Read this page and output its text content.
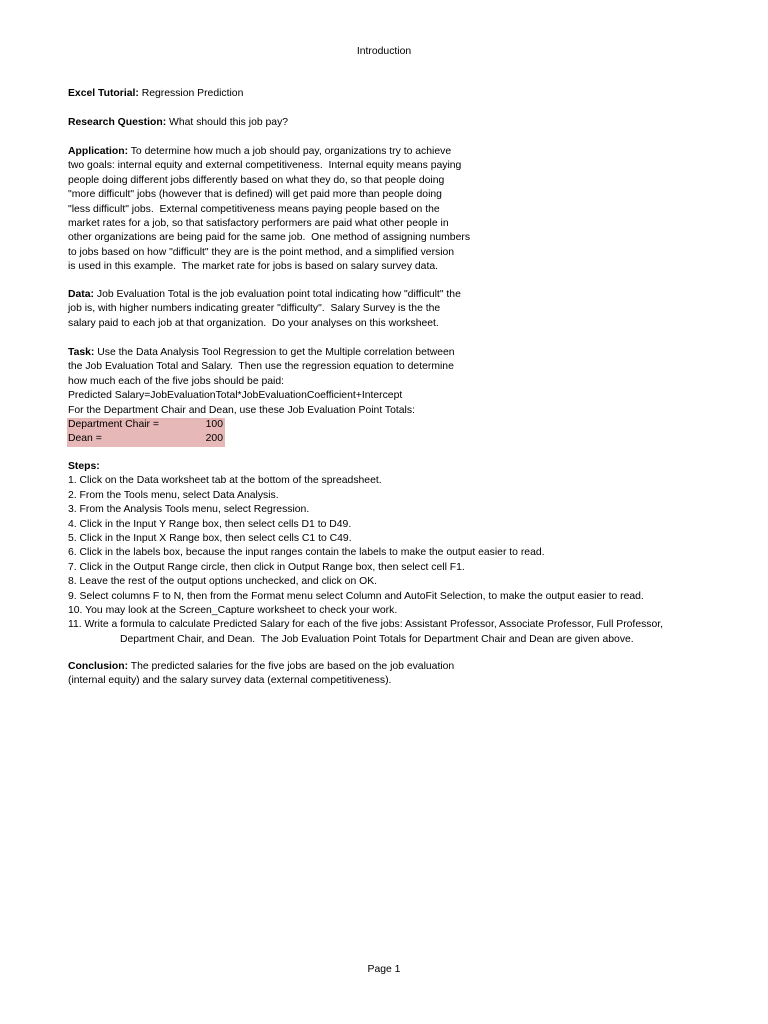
Introduction
Excel Tutorial: Regression Prediction
Research Question: What should this job pay?
Application: To determine how much a job should pay, organizations try to achieve
two goals: internal equity and external competitiveness.  Internal equity means paying
people doing different jobs differently based on what they do, so that people doing
"more difficult" jobs (however that is defined) will get paid more than people doing
"less difficult" jobs.  External competitiveness means paying people based on the
market rates for a job, so that satisfactory performers are paid what other people in
other organizations are being paid for the same job.  One method of assigning numbers
to jobs based on how "difficult" they are is the point method, and a simplified version
is used in this example.  The market rate for jobs is based on salary survey data.
Data: Job Evaluation Total is the job evaluation point total indicating how "difficult" the
job is, with higher numbers indicating greater "difficulty".  Salary Survey is the the
salary paid to each job at that organization.  Do your analyses on this worksheet.
Task: Use the Data Analysis Tool Regression to get the Multiple correlation between
the Job Evaluation Total and Salary.  Then use the regression equation to determine
how much each of the five jobs should be paid:
Predicted Salary=JobEvaluationTotal*JobEvaluationCoefficient+Intercept
For the Department Chair and Dean, use these Job Evaluation Point Totals:
Department Chair =	100
Dean =	200
Steps:
1. Click on the Data worksheet tab at the bottom of the spreadsheet.
2. From the Tools menu, select Data Analysis.
3. From the Analysis Tools menu, select Regression.
4. Click in the Input Y Range box, then select cells D1 to D49.
5. Click in the Input X Range box, then select cells C1 to C49.
6. Click in the labels box, because the input ranges contain the labels to make the output easier to read.
7. Click in the Output Range circle, then click in Output Range box, then select cell F1.
8. Leave the rest of the output options unchecked, and click on OK.
9. Select columns F to N, then from the Format menu select Column and AutoFit Selection, to make the output easier to read.
10. You may look at the Screen_Capture worksheet to check your work.
11. Write a formula to calculate Predicted Salary for each of the five jobs: Assistant Professor, Associate Professor, Full Professor,
Department Chair, and Dean.  The Job Evaluation Point Totals for Department Chair and Dean are given above.
Conclusion: The predicted salaries for the five jobs are based on the job evaluation
(internal equity) and the salary survey data (external competitiveness).
Page 1
